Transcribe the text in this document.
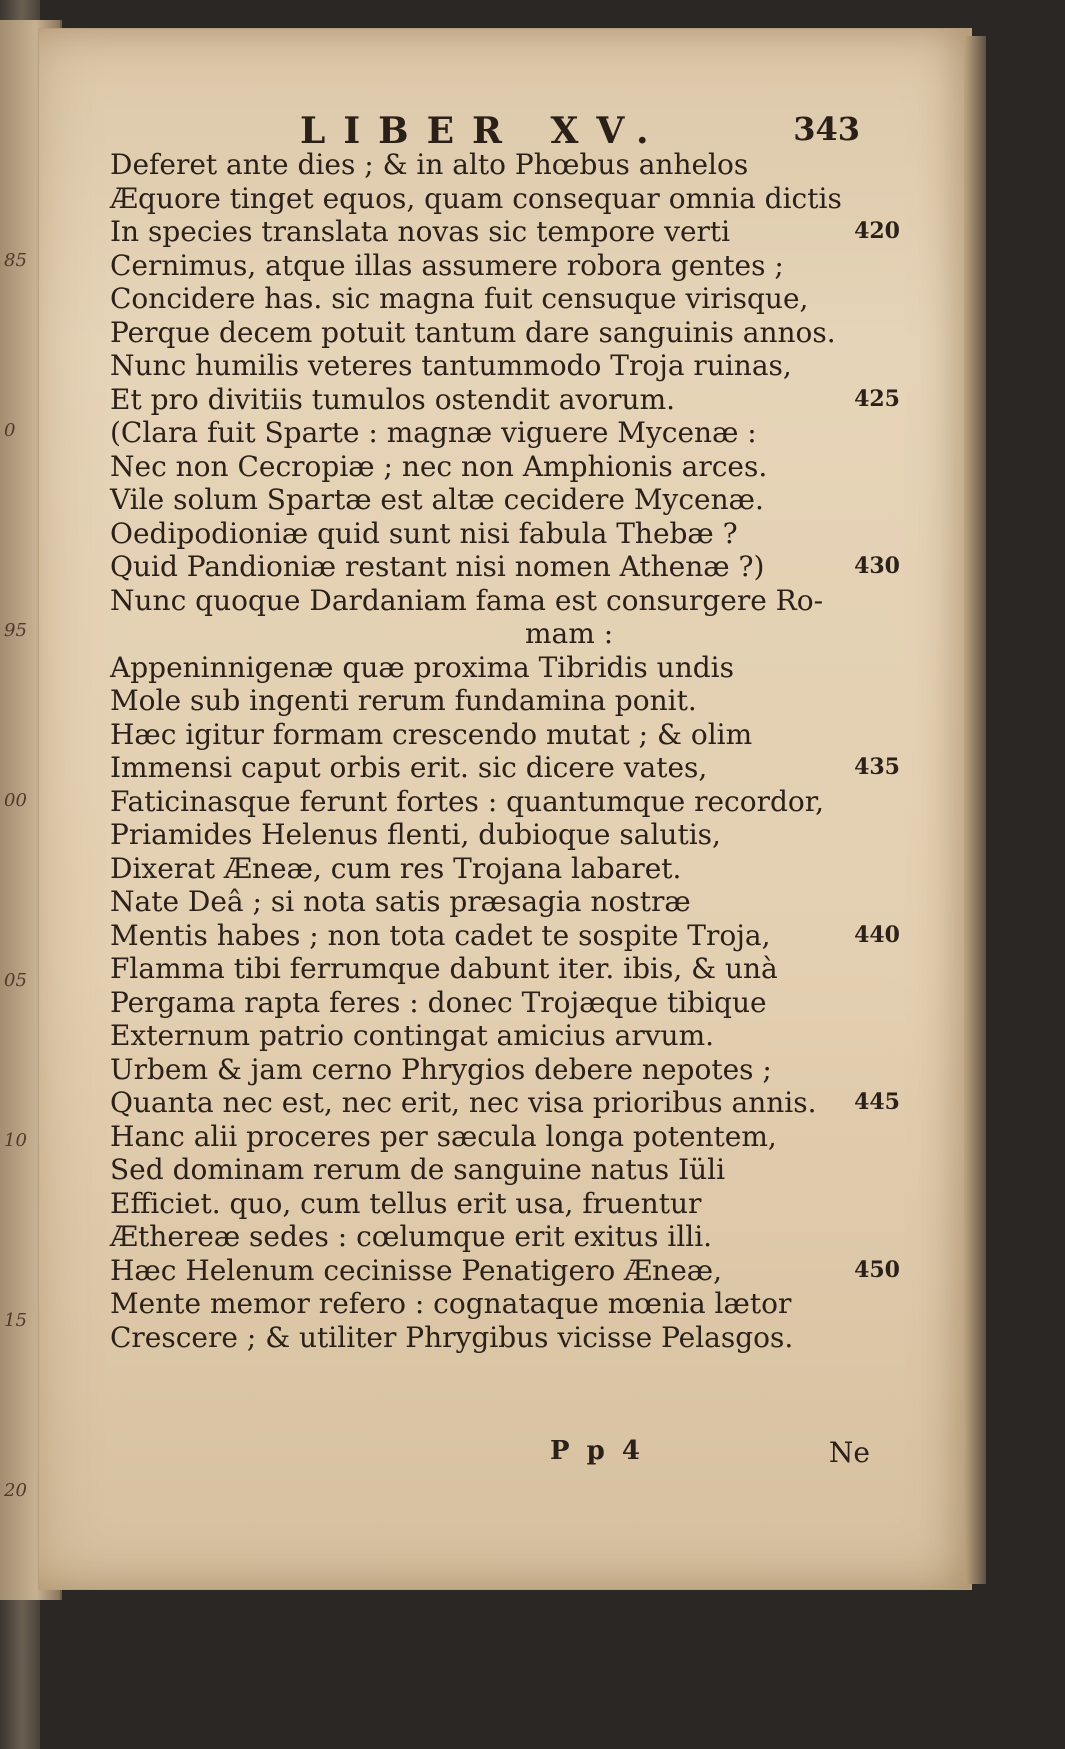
85
0
95
00
05
10
15
20
LIBER XV.	343
Deferet ante dies ; & in alto Phœbus anhelos
Æquore tinget equos, quam consequar omnia dictis
In species translata novas sic tempore verti	420
Cernimus, atque illas assumere robora gentes ;
Concidere has. sic magna fuit censuque virisque,
Perque decem potuit tantum dare sanguinis annos.
Nunc humilis veteres tantummodo Troja ruinas,
Et pro divitiis tumulos ostendit avorum.	425
(Clara fuit Sparte : magnæ viguere Mycenæ :
Nec non Cecropiæ ; nec non Amphionis arces.
Vile solum Spartæ est altæ cecidere Mycenæ.
Oedipodioniæ quid sunt nisi fabula Thebæ ?
Quid Pandioniæ restant nisi nomen Athenæ ?)	430
Nunc quoque Dardaniam fama est consurgere Ro-
mam :
Appeninnigenæ quæ proxima Tibridis undis
Mole sub ingenti rerum fundamina ponit.
Hæc igitur formam crescendo mutat ; & olim
Immensi caput orbis erit. sic dicere vates,	435
Faticinasque ferunt fortes : quantumque recordor,
Priamides Helenus flenti, dubioque salutis,
Dixerat Æneæ, cum res Trojana labaret.
Nate Deâ ; si nota satis præsagia nostræ
Mentis habes ; non tota cadet te sospite Troja,	440
Flamma tibi ferrumque dabunt iter. ibis, & unà
Pergama rapta feres : donec Trojæque tibique
Externum patrio contingat amicius arvum.
Urbem & jam cerno Phrygios debere nepotes ;
Quanta nec est, nec erit, nec visa prioribus annis. 445
Hanc alii proceres per sæcula longa potentem,
Sed dominam rerum de sanguine natus Iüli
Efficiet. quo, cum tellus erit usa, fruentur
Æthereæ sedes : cœlumque erit exitus illi.
Hæc Helenum cecinisse Penatigero Æneæ,	450
Mente memor refero : cognataque mœnia lætor
Crescere ; & utiliter Phrygibus vicisse Pelasgos.
P p 4	Ne
